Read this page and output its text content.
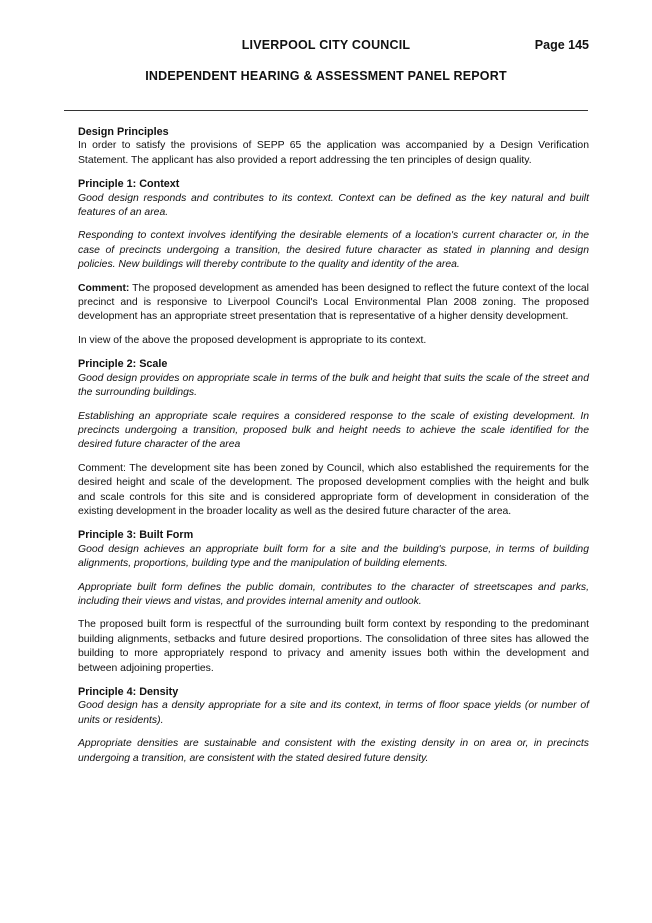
LIVERPOOL CITY COUNCIL	Page 145
INDEPENDENT HEARING & ASSESSMENT PANEL REPORT

Design Principles

In order to satisfy the provisions of SEPP 65 the application was accompanied by a Design Verification Statement. The applicant has also provided a report addressing the ten principles of design quality.

Principle 1: Context

Good design responds and contributes to its context. Context can be defined as the key natural and built features of an area.

Responding to context involves identifying the desirable elements of a location's current character or, in the case of precincts undergoing a transition, the desired future character as stated in planning and design policies. New buildings will thereby contribute to the quality and identity of the area.

Comment: The proposed development as amended has been designed to reflect the future context of the local precinct and is responsive to Liverpool Council's Local Environmental Plan 2008 zoning. The proposed development has an appropriate street presentation that is representative of a higher density development.

In view of the above the proposed development is appropriate to its context.

Principle 2: Scale

Good design provides on appropriate scale in terms of the bulk and height that suits the scale of the street and the surrounding buildings.

Establishing an appropriate scale requires a considered response to the scale of existing development. In precincts undergoing a transition, proposed bulk and height needs to achieve the scale identified for the desired future character of the area

Comment: The development site has been zoned by Council, which also established the requirements for the desired height and scale of the development. The proposed development complies with the height and bulk and scale controls for this site and is considered appropriate form of development in consideration of the existing development in the broader locality as well as the desired future character of the area.

Principle 3: Built Form

Good design achieves an appropriate built form for a site and the building's purpose, in terms of building alignments, proportions, building type and the manipulation of building elements.

Appropriate built form defines the public domain, contributes to the character of streetscapes and parks, including their views and vistas, and provides internal amenity and outlook.

The proposed built form is respectful of the surrounding built form context by responding to the predominant building alignments, setbacks and future desired proportions. The consolidation of three sites has allowed the building to more appropriately respond to privacy and amenity issues both within the development and between adjoining properties.

Principle 4: Density

Good design has a density appropriate for a site and its context, in terms of floor space yields (or number of units or residents).

Appropriate densities are sustainable and consistent with the existing density in on area or, in precincts undergoing a transition, are consistent with the stated desired future density.
